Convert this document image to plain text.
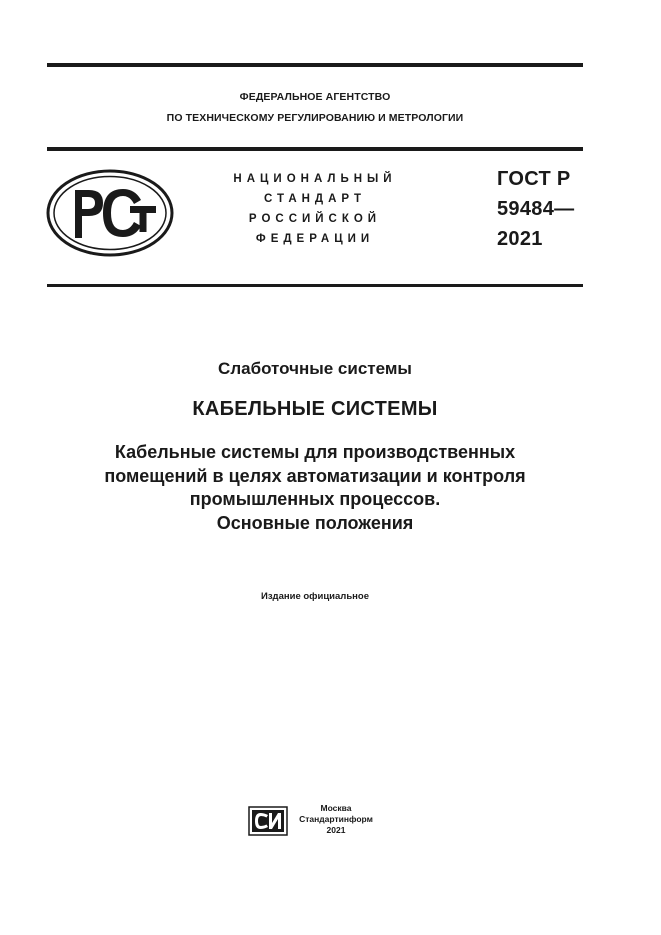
ФЕДЕРАЛЬНОЕ АГЕНТСТВО
ПО ТЕХНИЧЕСКОМУ РЕГУЛИРОВАНИЮ И МЕТРОЛОГИИ
НАЦИОНАЛЬНЫЙ
СТАНДАРТ
РОССИЙСКОЙ
ФЕДЕРАЦИИ
ГОСТ Р
59484—
2021
Слаботочные системы
КАБЕЛЬНЫЕ СИСТЕМЫ
Кабельные системы для производственных
помещений в целях автоматизации и контроля
промышленных процессов.
Основные положения
Издание официальное
Москва
Стандартинформ
2021
